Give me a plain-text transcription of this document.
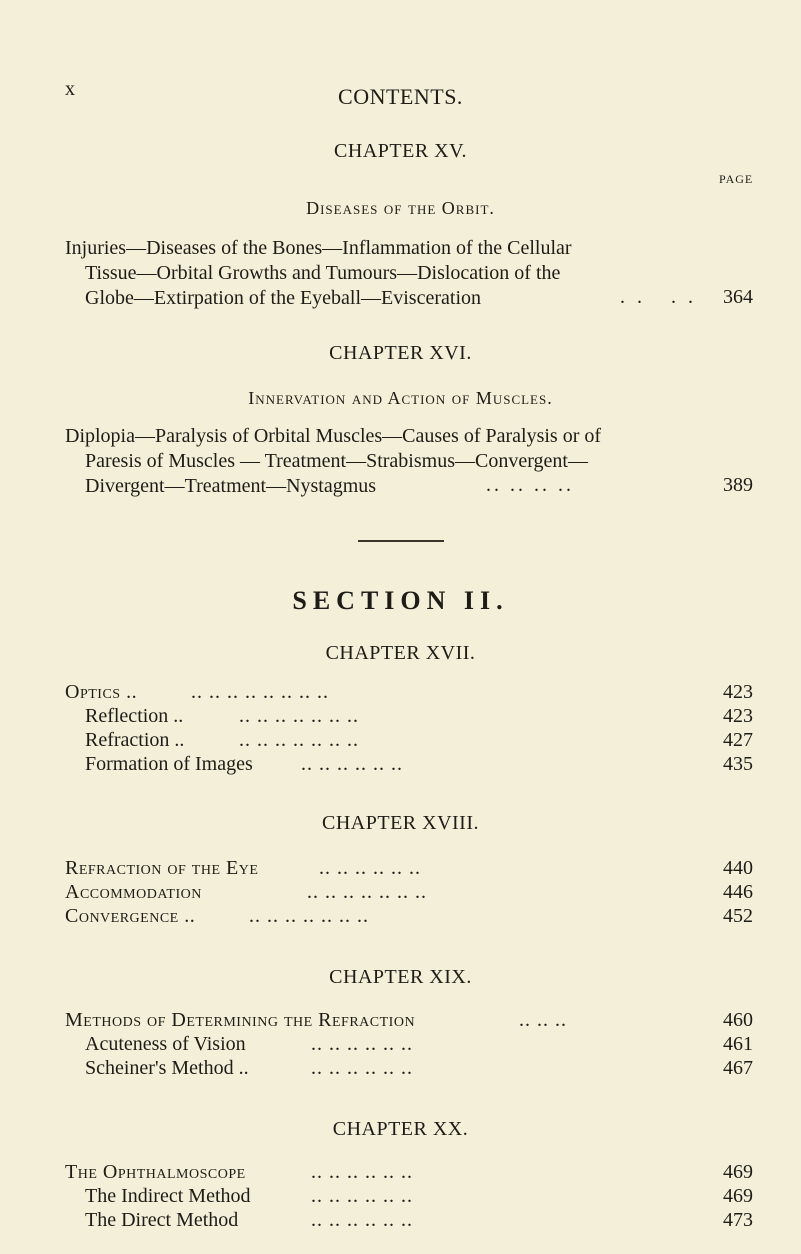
x	CONTENTS.
CHAPTER XV.
PAGE
Diseases of the Orbit.
Injuries—Diseases of the Bones—Inflammation of the Cellular
Tissue—Orbital Growths and Tumours—Dislocation of the
Globe—Extirpation of the Eyeball—Evisceration	.. .. 364
CHAPTER XVI.
Innervation and Action of Muscles.
Diplopia—Paralysis of Orbital Muscles—Causes of Paralysis or of
Paresis of Muscles — Treatment—Strabismus—Convergent—
Divergent—Treatment—Nystagmus	.. .. .. ..	389
SECTION II.
CHAPTER XVII.
Optics ..	.. .. .. .. .. .. .. ..	423
Reflection ..	.. .. .. .. .. .. ..	423
Refraction ..	.. .. .. .. .. .. ..	427
Formation of Images .. .. .. .. .. ..	435
CHAPTER XVIII.
Refraction of the Eye	.. .. .. .. .. ..	440
Accommodation	.. .. .. .. .. .. ..	446
Convergence ..	.. .. .. .. .. .. ..	452
CHAPTER XIX.
Methods of Determining the Refraction	.. .. ..	460
Acuteness of Vision	.. .. .. .. .. ..	461
Scheiner's Method ..	.. .. .. .. .. ..	467
CHAPTER XX.
The Ophthalmoscope	.. .. .. .. .. ..	469
The Indirect Method	.. .. .. .. .. ..	469
The Direct Method	.. .. .. .. .. ..	473
